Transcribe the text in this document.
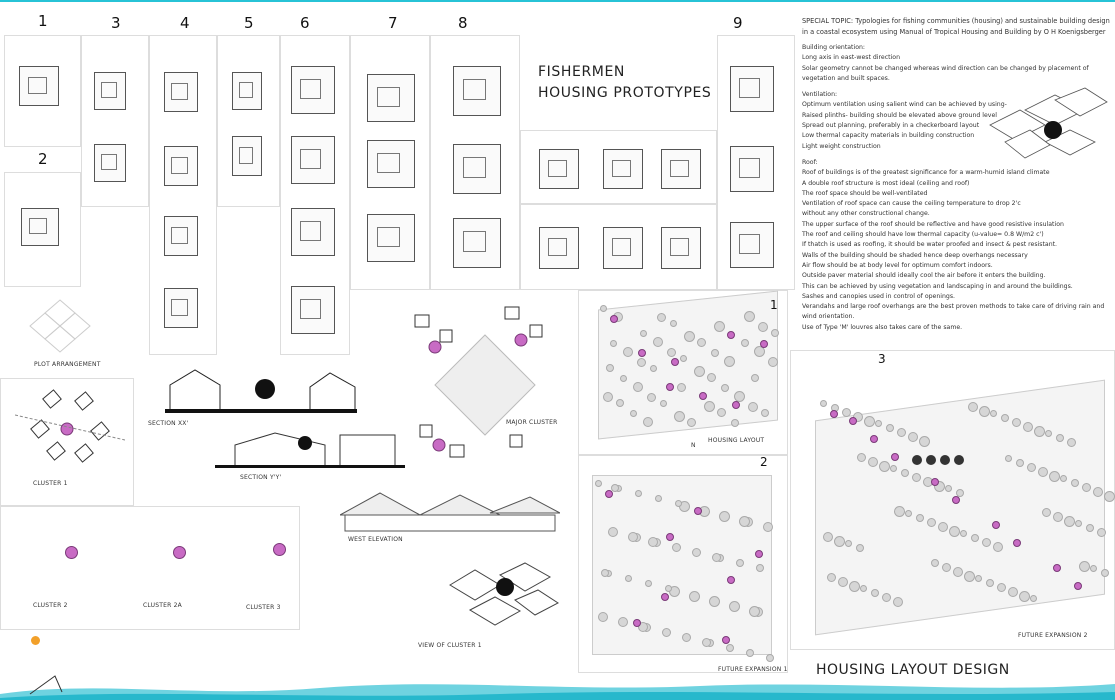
1
2
3	4	5	6	7	8	9
FISHERMEN
HOUSING PROTOTYPES

SPECIAL TOPIC: Typologies for fishing communities (housing) and sustainable building design in a coastal ecosystem using Manual of Tropical Housing and Building by O H Koenigsberger

Building orientation:

Long axis in east-west direction

Solar geometry cannot be changed whereas wind direction can be changed by placement of vegetation and built spaces.

Ventilation:

Optimum ventilation using salient wind can be achieved by using-

Raised plinths- building should be elevated above ground level

Spread out planning, preferably in a checkerboard layout

Low thermal capacity materials in building construction

Light weight construction

Roof:

Roof of buildings is of the greatest significance for a warm-humid island climate

A double roof structure is most ideal (ceiling and roof)

The roof space should be well-ventilated

Ventilation of roof space can cause the ceiling temperature to drop 2'c without any other constructional change.

The upper surface of the roof should be reflective and have good resistive insulation

The roof and ceiling should have low thermal capacity (u-value= 0.8 W/m2 c')

If thatch is used as roofing, it should be water proofed and insect & pest resistant.

Walls of the building should be shaded hence deep overhangs necessary

Air flow should be at body level for optimum comfort indoors.

Outside paver material should ideally cool the air before it enters the building.

This can be achieved by using vegetation and landscaping in and around the buildings.

Sashes and canopies used in control of openings.

Verandahs and large roof overhangs are the best proven methods to take care of driving rain and wind orientation.

Use of Type 'M' louvres also takes care of the same.

PLOT ARRANGEMENT
CLUSTER 1
CLUSTER 2	CLUSTER 2A	CLUSTER 3
SECTION XX'
SECTION Y'Y'
WEST ELEVATION
MAJOR CLUSTER
VIEW OF CLUSTER 1
1
HOUSING LAYOUT
2
FUTURE EXPANSION 1
3
FUTURE EXPANSION 2
N
HOUSING LAYOUT DESIGN
